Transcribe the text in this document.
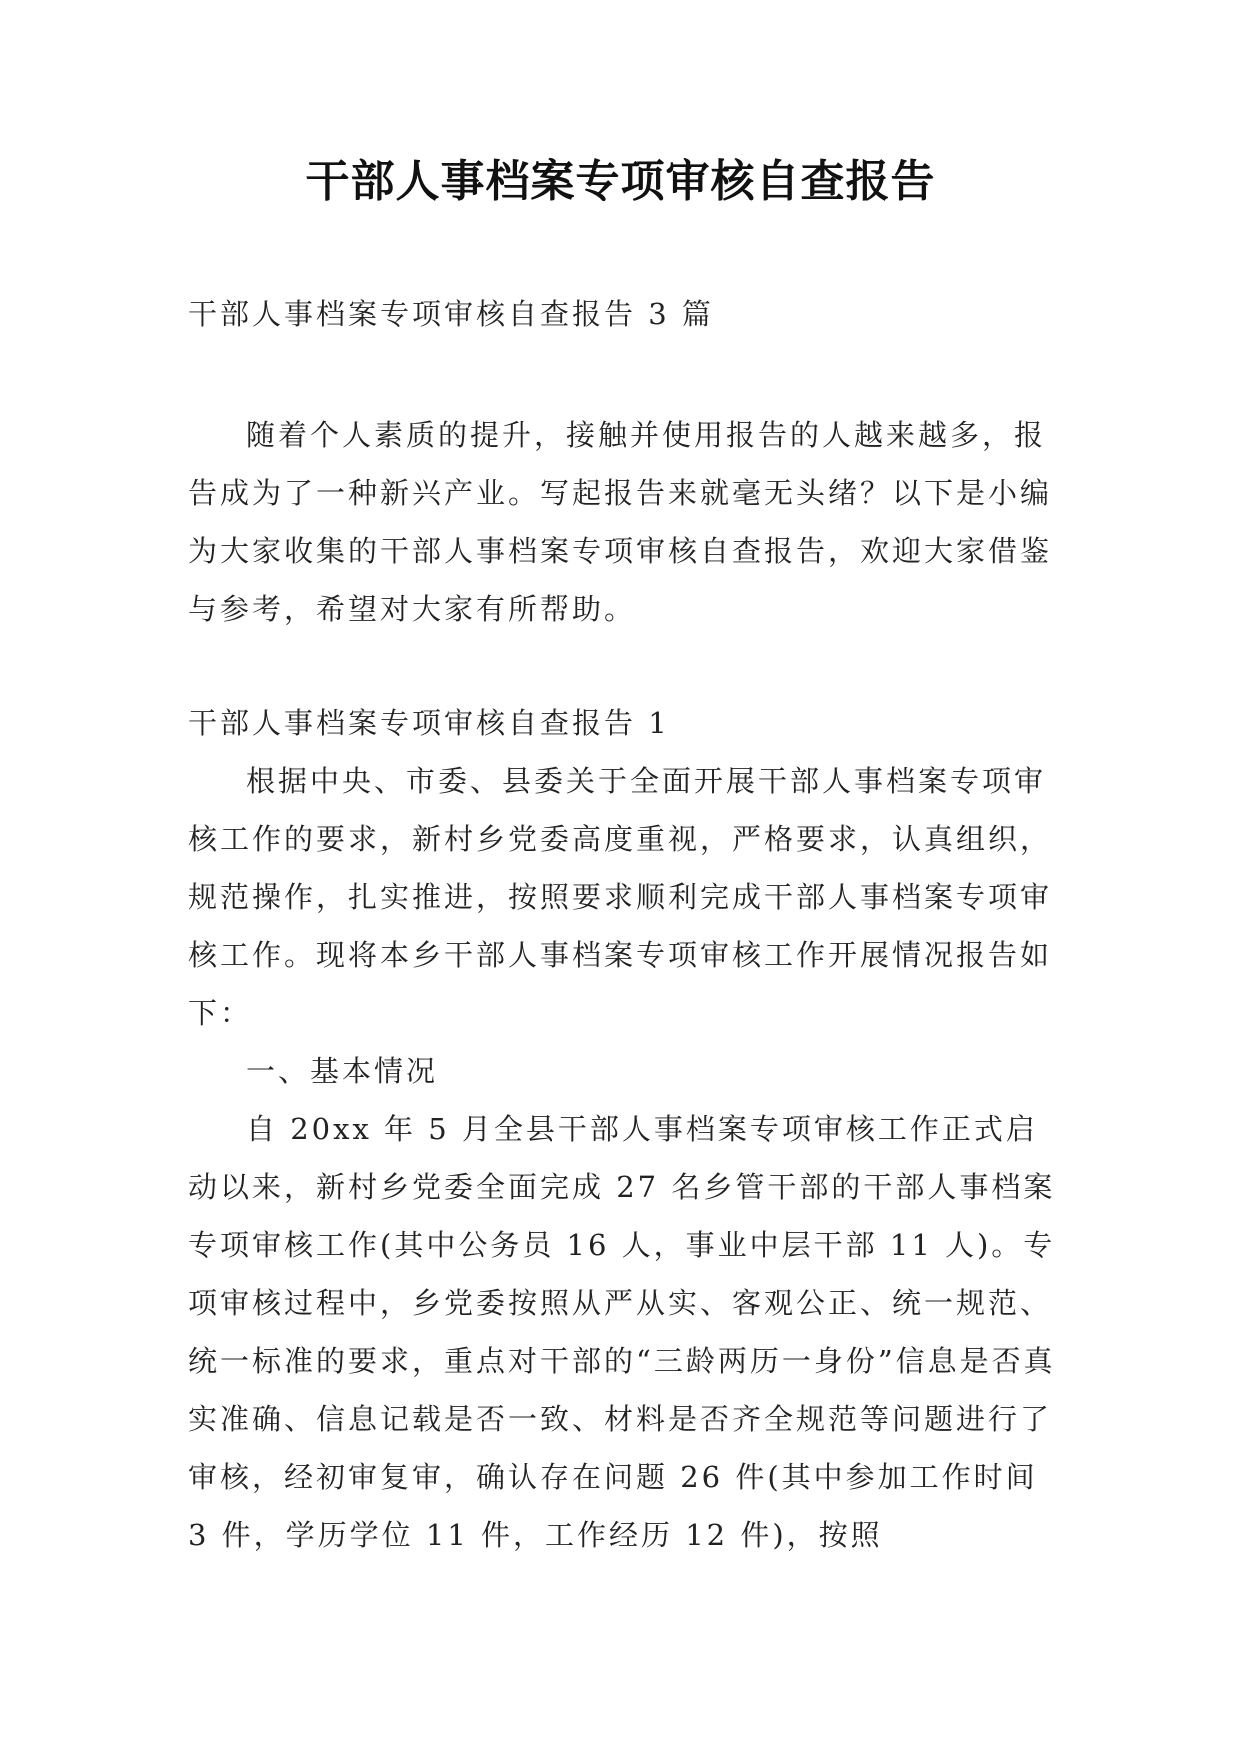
干部人事档案专项审核自查报告

干部人事档案专项审核自查报告 3 篇

随着个人素质的提升，接触并使用报告的人越来越多，报告成为了一种新兴产业。写起报告来就毫无头绪？以下是小编为大家收集的干部人事档案专项审核自查报告，欢迎大家借鉴与参考，希望对大家有所帮助。

干部人事档案专项审核自查报告 1

根据中央、市委、县委关于全面开展干部人事档案专项审核工作的要求，新村乡党委高度重视，严格要求，认真组织，规范操作，扎实推进，按照要求顺利完成干部人事档案专项审核工作。现将本乡干部人事档案专项审核工作开展情况报告如下：

一、基本情况

自 20xx 年 5 月全县干部人事档案专项审核工作正式启动以来，新村乡党委全面完成 27 名乡管干部的干部人事档案专项审核工作(其中公务员 16 人，事业中层干部 11 人)。专项审核过程中，乡党委按照从严从实、客观公正、统一规范、统一标准的要求，重点对干部的“三龄两历一身份”信息是否真实准确、信息记载是否一致、材料是否齐全规范等问题进行了审核，经初审复审，确认存在问题 26 件(其中参加工作时间 3 件，学历学位 11 件，工作经历 12 件)，按照
